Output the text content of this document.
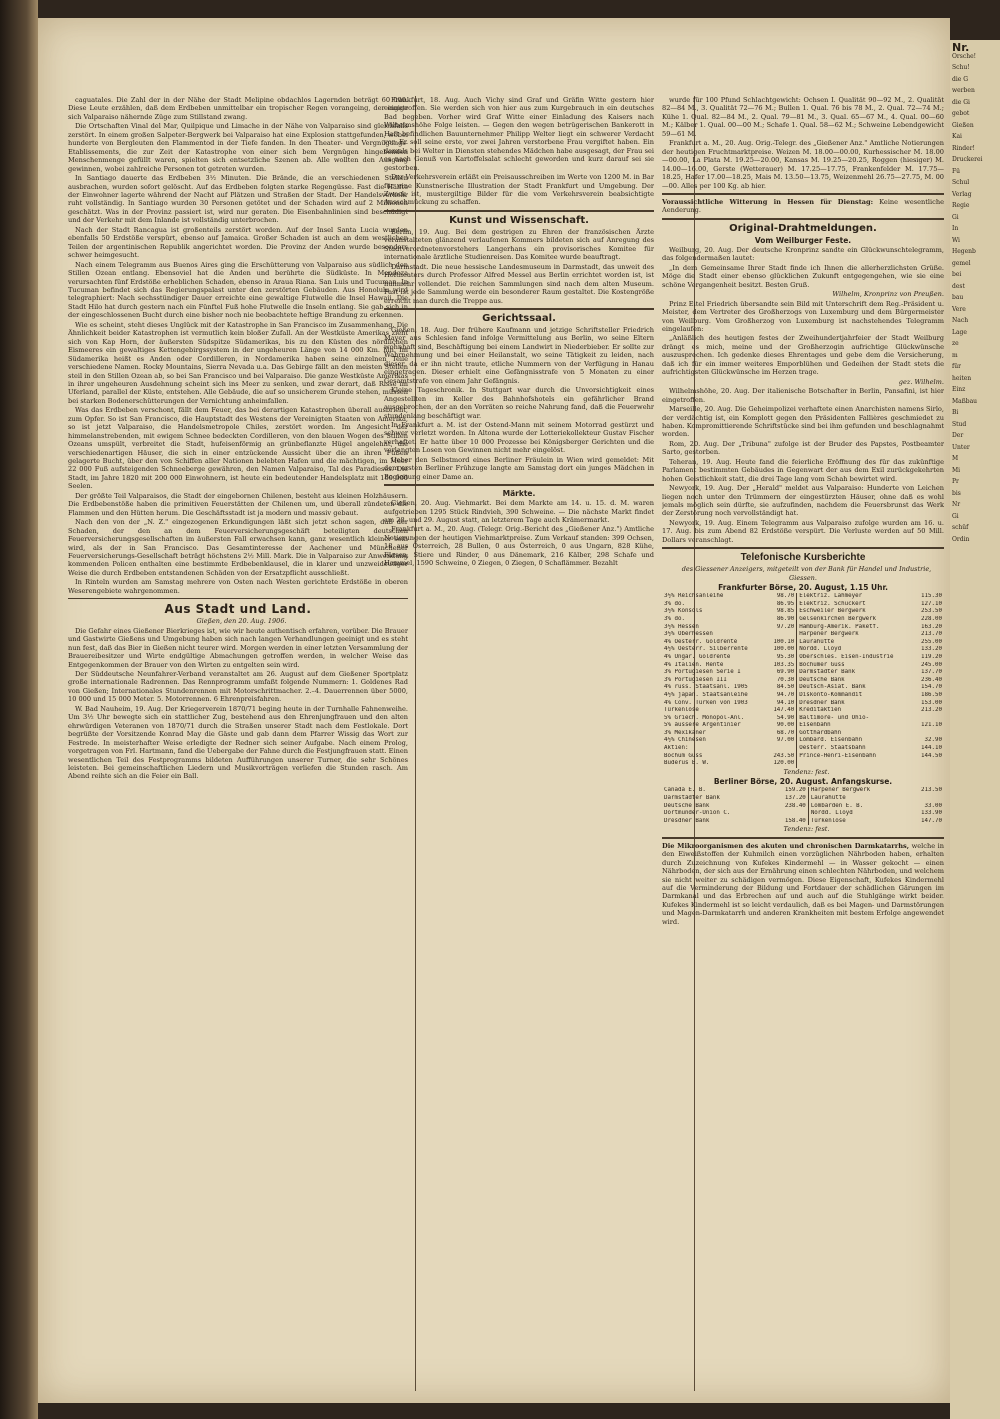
caguatales. Die Zahl der in der Nähe der Stadt Melipine obdachlos Lagernden beträgt 60 000. Diese Leute erzählen, daß dem Erdbeben unmittelbar ein tropischer Regen vorangeing, der einige sich Valparaiso nähernde Züge zum Stillstand zwang.

Die Ortschaften Vinal del Mar, Quilpique und Limache in der Nähe von Valparaiso sind gleichfalls zerstört. In einem großen Salpeter-Bergwerk bei Valparaiso hat eine Explosion stattgefunden, wobei hunderte von Bergleuten den Flammentod in der Tiefe fanden. In den Theater- und Vergnügungs-Etablissements, die zur Zeit der Katastrophe von einer sich bem Vergnügen hingebenden Menschenmenge gefüllt waren, spielten sich entsetzliche Szenen ab. Alle wollten den Ausgang gewinnen, wobei zahlreiche Personen tot getreten wurden.

In Santiago dauerte das Erdbeben 3½ Minuten. Die Brände, die an verschiedenen Stellen ausbrachen, wurden sofort gelöscht. Auf das Erdbeben folgten starke Regengüsse. Fast die Hälfte der Einwohner lagerte während der Nacht auf Plätzen und Straßen der Stadt. Der Handelsverkehr ruht vollständig. In Santiago wurden 30 Personen getötet und der Schaden wird auf 2 Millionen geschätzt. Was in der Provinz passiert ist, wird nur geraten. Die Eisenbahnlinien sind beschädigt und der Verkehr mit dem Inlande ist vollständig unterbrochen.

Nach der Stadt Rancagua ist großenteils zerstört worden. Auf der Insel Santa Lucia wurden ebenfalls 50 Erdstöße verspürt, ebenso auf Jamaica. Großer Schaden ist auch an dem westlichen Teilen der argentinischen Republik angerichtet worden. Die Provinz der Anden wurde besonders schwer heimgesucht.

Nach einem Telegramm aus Buenos Aires ging die Erschütterung von Valparaiso aus südlich den Stillen Ozean entlang. Ebensoviel hat die Anden und berührte die Südküste. In Mendoza verursachten fünf Erdstöße erheblichen Schaden, ebenso in Araua Riana. San Luis und Tucuman. In Tucuman befindet sich das Regierungspalast unter den zerstörten Gebäuden. Aus Honolulu wird telegraphiert: Nach sechsstündiger Dauer erreichte eine gewaltige Flutwelle die Insel Hawaii. Die Stadt Hilo hat durch gestern nach ein Fünftel Fuß hohe Flutwelle die Inseln entlang. Sie gab sich in der eingeschlossenen Bucht durch eine bisher noch nie beobachtete heftige Brandung zu erkennen.

Wie es scheint, steht dieses Unglück mit der Katastrophe in San Francisco im Zusammenhang. Die Ähnlichkeit beider Katastrophen ist vermutlich kein bloßer Zufall. An der Westküste Amerikas zieht sich von Kap Horn, der äußersten Südspitze Südamerikas, bis zu den Küsten des nördlichen Eismeeres ein gewaltiges Kettengebirgssystem in der ungeheuren Länge von 14 000 Km. hin. Im Südamerika heißt es Anden oder Cordilleren, in Nordamerika haben seine einzelnen Teile verschiedene Namen. Rocky Mountains, Sierra Nevada u.a. Das Gebirge fällt an den meisten Stellen steil in den Stillen Ozean ab, so bei San Francisco und bei Valparaiso. Die ganze Westküste Amerikas in ihrer ungeheuren Ausdehnung scheint sich ins Meer zu senken, und zwar derart, daß Risse im Uferland, parallel der Küste, entstehen. Alle Gebäude, die auf so unsicherem Grunde stehen, müssen bei starken Bodenerschütterungen der Vernichtung anheimfallen.

Was das Erdbeben verschont, fällt dem Feuer, das bei derartigen Katastrophen überall ausbricht, zum Opfer. So ist San Francisco, die Hauptstadt des Westens der Vereinigten Staaten von Amerika, so ist jetzt Valparaiso, die Handelsmetropole Chiles, zerstört worden. Im Angesicht der himmelanstrebenden, mit ewigem Schnee bedeckten Cordilleren, von den blauen Wogen des Stillen Ozeans umspült, verbreitet die Stadt, hufeisenförmig an grünbeflanzte Hügel angelehnt, die verschiedenartigen Häuser, die sich in einer entzückende Aussicht über die an ihren Füßen gelagerte Bucht, über den von Schiffen aller Nationen belebten Hafen und die mächtigen, im Meer 22 000 Fuß aufsteigenden Schneeberge gewähren, den Namen Valparaiso, Tal des Paradieses. Die Stadt, im Jahre 1820 mit 200 000 Einwohnern, ist heute ein bedeutender Handelsplatz mit 160 000 Seelen.

Der größte Teil Valparaisos, die Stadt der eingebornen Chilenen, besteht aus kleinen Holzhäusern. Die Erdbebenstöße haben die primitiven Feuerstätten der Chilenen um, und überall zündeten die Flammen und den Hütten herum. Die Geschäftsstadt ist ja modern und massiv gebaut.

Nach den von der „N. Z." eingezogenen Erkundigungen läßt sich jetzt schon sagen, daß der Schaden, der den an dem Feuerversicherungsgeschäft beteiligten deutschen Feuerversicherungsgesellschaften im äußersten Fall erwachsen kann, ganz wesentlich kleiner sein wird, als der in San Francisco. Das Gesamtinteresse der Aachener und Münchener Feuerversicherungs-Gesellschaft beträgt höchstens 2½ Mill. Mark. Die in Valparaiso zur Anwendung kommenden Policen enthalten eine bestimmte Erdbebenklausel, die in klarer und unzweideutiger Weise die durch Erdbeben entstandenen Schäden von der Ersatzpflicht ausschließt.

In Rinteln wurden am Samstag mehrere von Osten nach Westen gerichtete Erdstöße in oberen Weserengebiete wahrgenommen.

Aus Stadt und Land.

Gießen, den 20. Aug. 1906.

Die Gefahr eines Gießener Bierkrieges ist, wie wir heute authentisch erfahren, vorüber. Die Brauer und Gastwirte Gießens und Umgebung haben sich nach langen Verhandlungen geeinigt und es steht nun fest, daß das Bier in Gießen nicht teurer wird. Morgen werden in einer letzten Versammlung der Brauereibesitzer und Wirte endgültige Abmachungen getroffen werden, in welcher Weise das Entgegenkommen der Brauer von den Wirten zu entgelten sein wird.

Der Süddeutsche Neunfahrer-Verband veranstaltet am 26. August auf dem Gießener Sportplatz große internationale Radrennen. Das Rennprogramm umfaßt folgende Nummern: 1. Goldenes Rad von Gießen; Internationales Stundenrennen mit Motorschrittmacher. 2.–4. Dauerrennen über 5000, 10 000 und 15 000 Meter. 5. Motorrennen. 6 Ehrenpreisfahren.

W. Bad Nauheim, 19. Aug. Der Kriegerverein 1870/71 beging heute in der Turnhalle Fahnenweihe. Um 3½ Uhr bewegte sich ein stattlicher Zug, bestehend aus den Ehrenjungfrauen und den alten ehrwürdigen Veteranen von 1870/71 durch die Straßen unserer Stadt nach dem Festlokale. Dort begrüßte der Vorsitzende Konrad May die Gäste und gab dann dem Pfarrer Wissig das Wort zur Festrede. In meisterhafter Weise erledigte der Redner sich seiner Aufgabe. Nach einem Prolog, vorgetragen von Frl. Hartmann, fand die Uebergabe der Fahne durch die Festjungfrauen statt. Einen wesentlichen Teil des Festprogramms bildeten Aufführungen unserer Turner, die sehr Schönes leisteten. Bei gemeinschaftlichen Liedern und Musikvorträgen verliefen die Stunden rasch. Am Abend reihte sich an die Feier ein Ball.

Frankfurt, 18. Aug. Auch Vichy sind Graf und Gräfin Witte gestern hier eingetroffen. Sie werden sich von hier aus zum Kurgebrauch in ein deutsches Bad begeben. Vorher wird Graf Witte einer Einladung des Kaisers nach Wilhelmshöhe Folge leisten. — Gegen den wegen betrügerischen Bankerott in Haft befindlichen Bauunternehmer Philipp Welter liegt ein schwerer Verdacht vor. Er soll seine erste, vor zwei Jahren verstorbene Frau vergiftet haben. Ein damals bei Welter in Diensten stehendes Mädchen habe ausgesagt, der Frau sei es nach Genuß von Kartoffelsalat schlecht geworden und kurz darauf sei sie gestorben.

Der Verkehrsverein erläßt ein Preisausschreiben im Werte von 1200 M. in Bar für eine Kunstnerische Illustration der Stadt Frankfurt und Umgebung. Der Zweck ist, mustergiltige Bilder für die vom Verkehrsverein beabsichtigte Ausschmückung zu schaffen.

Kunst und Wissenschaft.

Berlin, 19. Aug. Bei dem gestrigen zu Ehren der französischen Ärzte veranstalteten glänzend verlaufenen Kommers bildeten sich auf Anregung des Stadtverordnetenvorstehers Langerhans ein provisorisches Komitee für internationale ärztliche Studienreisen. Das Komitee wurde beauftragt.

Darmstadt. Die neue hessische Landesmuseum in Darmstadt, das unweit des Hoftheaters durch Professor Alfred Messel aus Berlin errichtet worden ist, ist nunmehr vollendet. Die reichen Sammlungen sind nach dem alten Museum. Fast ist jede Sammlung werde ein besonderer Raum gestaltet. Die Kostengröße erreicht man durch die Treppe aus.

Gerichtssaal.

Gießen, 18. Aug. Der frühere Kaufmann und jetzige Schriftsteller Friedrich Mayer aus Schlesien fand infolge Vermittelung aus Berlin, wo seine Eltern wohnhaft sind, Beschäftigung bei einem Landwirt in Niederbieber. Er sollte zur Wahrnehmung und bei einer Heilanstalt, wo seine Tätigkeit zu leiden, nach dieser, da er ihn nicht traute, etliche Nummern von der Verfügung in Hanau eingetragen. Dieser erhielt eine Gefängnisstrafe von 5 Monaten zu einer Gesamtstrafe von einem Jahr Gefängnis.

Kleine Tageschronik. In Stuttgart war durch die Unvorsichtigkeit eines Angestellten im Keller des Bahnhofshotels ein gefährlicher Brand ausgebrochen, der an den Vorräten so reiche Nahrung fand, daß die Feuerwehr stundenlang beschäftigt war.

In Frankfurt a. M. ist der Ostend-Mann mit seinem Motorrad gestürzt und schwer verletzt worden. In Altona wurde der Lotteriekollekteur Gustav Fischer verhaftet. Er hatte über 10 000 Prozesse bei Königsberger Gerichten und die verlangten Losen von Gewinnen nicht mehr eingelöst.

Ueber den Selbstmord eines Berliner Fräulein in Wien wird gemeldet: Mit dem ersten Berliner Frühzuge langte am Samstag dort ein junges Mädchen in Begleitung einer Dame an.

Märkte.

Gießen, 20. Aug. Viehmarkt. Bei dem Markte am 14. u. 15. d. M. waren aufgetrieben 1295 Stück Rindvieh, 390 Schweine. — Die nächste Markt findet am 28. und 29. August statt, an letzterem Tage auch Krämermarkt.

Frankfurt a. M., 20. Aug. (Telegr. Orig.-Bericht des „Gießener Anz.") Amtliche Notierungen der heutigen Viehmarktpreise. Zum Verkauf standen: 399 Ochsen, 18 aus Österreich, 28 Bullen, 0 aus Österreich, 0 aus Ungarn, 828 Kühe, Färsen, Stiere und Rinder, 0 aus Dänemark, 216 Kälber, 298 Schafe und Hammel, 1590 Schweine, 0 Ziegen, 0 Ziegen, 0 Schaflämmer. Bezahlt

wurde für 100 Pfund Schlachtgewicht: Ochsen I. Qualität 90—92 M., 2. Qualität 82—84 M., 3. Qualität 72—76 M.; Bullen 1. Qual. 76 bis 78 M., 2. Qual. 72—74 M.; Kühe 1. Qual. 82—84 M., 2. Qual. 79—81 M., 3. Qual. 65—67 M., 4. Qual. 00—60 M.; Kälber 1. Qual. 00—00 M.; Schafe 1. Qual. 58—62 M.; Schweine Lebendgewicht 59—61 M.

Frankfurt a. M., 20. Aug. Orig.-Telegr. des „Gießener Anz." Amtliche Notierungen der heutigen Fruchtmarktpreise. Weizen M. 18.00—00.00, Kurhessischer M. 18.00—00.00, La Plata M. 19.25—20.00, Kansas M. 19.25—20.25, Roggen (hiesiger) M. 14.00—16.00, Gerste (Wetterauer) M. 17.25—17.75, Frankenfelder M. 17.75—18.25, Hafer 17.00—18.25, Mais M. 13.50—13.75, Weizenmehl 26.75—27.75, M. 00—00. Alles per 100 Kg. ab hier.

Voraussichtliche Witterung in Hessen für Dienstag: Keine wesentliche Aenderung.

Original-Drahtmeldungen.

Vom Weilburger Feste.

Weilburg, 20. Aug. Der deutsche Kronprinz sandte ein Glückwunschtelegramm, das folgendermaßen lautet:

„In dem Gemeinsame Ihrer Stadt finde ich Ihnen die allerherzlichsten Grüße. Möge die Stadt einer ebenso glücklichen Zukunft entgegengehen, wie sie eine schöne Vergangenheit besitzt. Besten Gruß.

Wilhelm, Kronprinz von Preußen.

Prinz Eitel Friedrich übersandte sein Bild mit Unterschrift dem Reg.-Präsident u. Meister, dem Vertreter des Großherzogs von Luxemburg und dem Bürgermeister von Weilburg. Vom Großherzog von Luxemburg ist nachstehendes Telegramm eingelaufen:

„Anläßlich des heutigen festes der Zweihundertjahrfeier der Stadt Weilburg drängt es mich, meine und der Großherzogin aufrichtige Glückwünsche auszusprechen. Ich gedenke dieses Ehrentages und gebe dem die Versicherung, daß ich für ein immer weiteres Emporblühen und Gedeihen der Stadt stets die aufrichtigsten Glückwünsche im Herzen trage.

gez. Wilhelm.

Wilhelmshöhe, 20. Aug. Der italienische Botschafter in Berlin, Pansafini, ist hier eingetroffen.

Marseille, 20. Aug. Die Geheimpolizei verhaftete einen Anarchisten namens Sirlo, der verdächtig ist, ein Komplott gegen den Präsidenten Fallières geschmiedet zu haben. Kompromittierende Schriftstücke sind bei ihm gefunden und beschlagnahmt worden.

Rom, 20. Aug. Der „Tribuna" zufolge ist der Bruder des Papstes, Postbeamter Sarto, gestorben.

Teheran, 19. Aug. Heute fand die feierliche Eröffnung des für das zukünftige Parlament bestimmten Gebäudes in Gegenwart der aus dem Exil zurückgekehrten hohen Geistlichkeit statt, die drei Tage lang vom Schah bewirtet wird.

Newyork, 19. Aug. Der „Herald" meldet aus Valparaiso: Hunderte von Leichen liegen noch unter den Trümmern der eingestürzten Häuser, ohne daß es wohl jemals möglich sein dürfte, sie aufzufinden, nachdem die Feuersbrunst das Werk der Zerstörung noch vervollständigt hat.

Newyork, 19. Aug. Einem Telegramm aus Valparaiso zufolge wurden am 16. u. 17. Aug. bis zum Abend 82 Erdstöße verspürt. Die Verluste werden auf 50 Mill. Dollars veranschlagt.

Telefonische Kursberichte

des Giessener Anzeigers, mitgeteilt von der Bank für Handel und Industrie, Giessen.

Frankfurter Börse, 20. August, 1.15 Uhr.

3½% Reichsanleihe	98.70	Elektriz. Lahmeyer	115.30
3% do.	86.95	Elektriz. Schuckert	127.10
3½% Konsols	98.85	Eschweiler Bergwerk	253.50
3% do.	86.90	Gelsenkirchen Bergwerk	228.00
3½% Hessen	97.20	Hamburg-Amerik. Paketf.	163.20
3½% Oberhessen		Harpener Bergwerk	213.70
4% Oesterr. Goldrente	100.10	Laurahütte	255.00
4½% Oesterr. Silberrente	100.00	Nordd. Lloyd	133.20
4% Ungar. Goldrente	95.30	Oberschles. Eisen-Industrie	119.20
4% Italien. Rente	103.35	Bochumer Guss	245.00
3% Portugiesen Serie I	69.90	Darmstädter Bank	137.70
3% Portugiesen III	70.30	Deutsche Bank	236.40
4% russ. Staatsanl. 1905	84.50	Deutsch-Asiat. Bank	154.70
4½% japan. Staatsanleihe	94.70	Diskonto-Kommandit	186.50
4% Conv. Türken von 1903	94.10	Dresdner Bank	153.00
Türkenlose	147.40	Kreditaktien	213.20
5% Griech. Monopol-Anl.	54.90	Baltimore- und Ohio-	
5% äussere Argentinier	90.00	Eisenbahn	121.10
3% Mexikaner	68.70	Gotthardbahn	
4½% Chinesen	97.00	Lombard. Eisenbahn	32.90
Aktien:		Oesterr. Staatsbahn	144.10
Bochum Guss	243.50	Prince-Henri-Eisenbahn	144.50
Buderus E. W.	120.00		

Tendenz: fest.

Berliner Börse, 20. August. Anfangskurse.

Canada E. B.	159.20	Harpener Bergwerk	213.50
Darmstädter Bank	137.20	Laurahütte	
Deutsche Bank	238.40	Lombarden E. B.	33.00
Dortmunder-Union C.		Nordd. Lloyd	133.90
Dresdner Bank	158.40	Türkenlose	147.70

Tendenz: fest.

Die Mikroorganismen des akuten und chronischen Darmkatarrhs, welche in den Eiweißstoffen der Kuhmilch einen vorzüglichen Nährboden haben, erhalten durch Zuzeichnung von Kufekes Kindermehl — in Wasser gekocht — einen Nährboden, der sich aus der Ernährung einen schlechten Nährboden, und welchem sie nicht weiter zu schädigen vermögen. Diese Eigenschaft, Kufekes Kindermehl auf die Verminderung der Bildung und Fortdauer der schädlichen Gärungen im Darmkanal und das Erbrechen auf und auch auf die Stuhlgänge wirkt beider. Kufekes Kindermehl ist so leicht verdaulich, daß es bei Magen- und Darmstörungen und Magen-Darmkatarrh und anderen Krankheiten mit bestem Erfolge angewendet wird.

Nr.
Orsche!
Schu!
die G
werben
die Gi
gebot
Gießen
Kai
Rinder!
Druckerei
Fü
Schul
Verlag
Regie
Gi
In
Wi
Hegenb
gemel
bei
dest
bau
Vere
Nach
Lage
ze
m
für
heiten
Einz
Maßbau
Bi
Stud
Der
Unter
M
Mi
Pr
bis
Nr
Gi
schüf
Ordin
